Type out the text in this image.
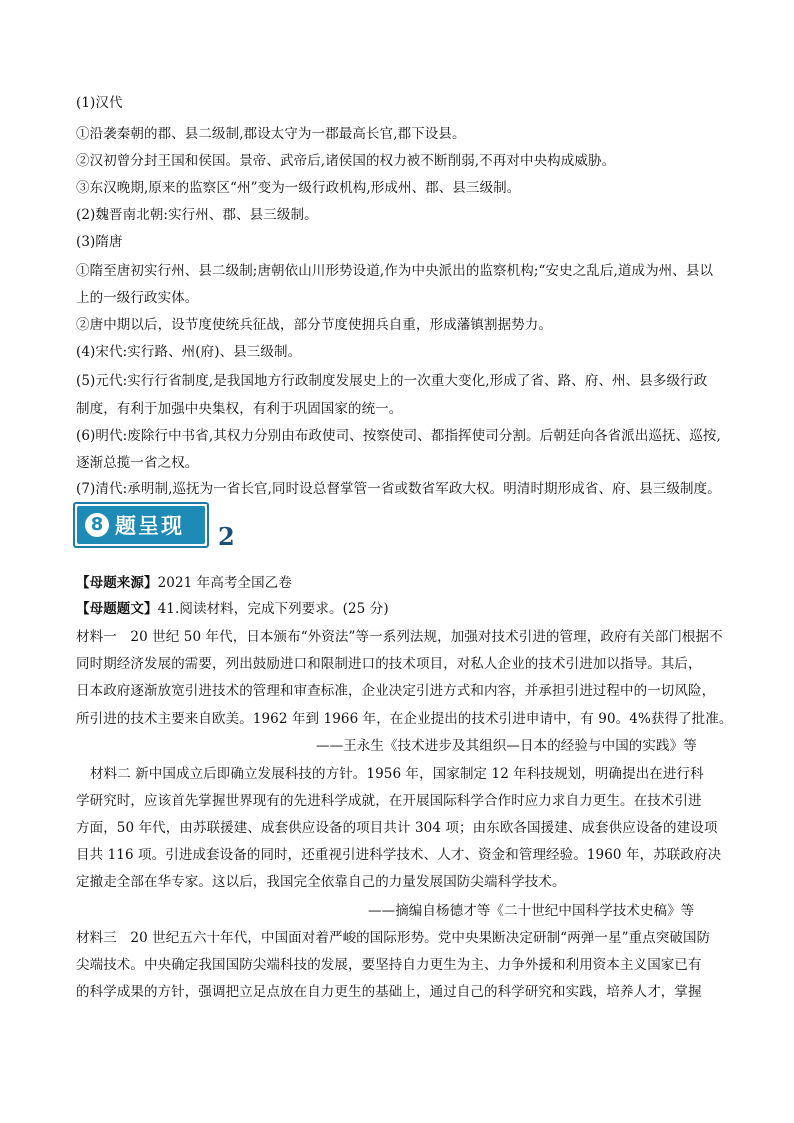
(1)汉代
①沿袭秦朝的郡、县二级制,郡设太守为一郡最高长官,郡下设县。
②汉初曾分封王国和侯国。景帝、武帝后,诸侯国的权力被不断削弱,不再对中央构成威胁。
③东汉晚期,原来的监察区“州”变为一级行政机构,形成州、郡、县三级制。
(2)魏晋南北朝:实行州、郡、县三级制。
(3)隋唐
①隋至唐初实行州、县二级制;唐朝依山川形势设道,作为中央派出的监察机构;“安史之乱后,道成为州、县以
上的一级行政实体。
②唐中期以后，设节度使统兵征战，部分节度使拥兵自重，形成藩镇割据势力。
(4)宋代:实行路、州(府)、县三级制。
(5)元代:实行行省制度,是我国地方行政制度发展史上的一次重大变化,形成了省、路、府、州、县多级行政
制度，有利于加强中央集权，有利于巩固国家的统一。
(6)明代:废除行中书省,其权力分别由布政使司、按察使司、都指挥使司分割。后朝廷向各省派出巡抚、巡按,
逐渐总揽一省之权。
(7)清代:承明制,巡抚为一省长官,同时设总督掌管一省或数省军政大权。明清时期形成省、府、县三级制度。
8 题呈现 2
【母题来源】2021 年高考全国乙卷
【母题题文】41.阅读材料，完成下列要求。(25 分)
材料一　20 世纪 50 年代，日本颁布“外资法”等一系列法规，加强对技术引进的管理，政府有关部门根据不
同时期经济发展的需要，列出鼓励进口和限制进口的技术项目，对私人企业的技术引进加以指导。其后，
日本政府逐渐放宽引进技术的管理和审查标准，企业决定引进方式和内容，并承担引进过程中的一切风险，
所引进的技术主要来自欧美。1962 年到 1966 年，在企业提出的技术引进申请中，有 90。4%获得了批准。
——王永生《技术进步及其组织—日本的经验与中国的实践》等
材料二 新中国成立后即确立发展科技的方针。1956 年，国家制定 12 年科技规划，明确提出在进行科
学研究时，应该首先掌握世界现有的先进科学成就，在开展国际科学合作时应力求自力更生。在技术引进
方面，50 年代，由苏联援建、成套供应设备的项目共计 304 项；由东欧各国援建、成套供应设备的建设项
目共 116 项。引进成套设备的同时，还重视引进科学技术、人才、资金和管理经验。1960 年，苏联政府决
定撤走全部在华专家。这以后，我国完全依靠自己的力量发展国防尖端科学技术。
——摘编自杨德才等《二十世纪中国科学技术史稿》等
材料三　20 世纪五六十年代，中国面对着严峻的国际形势。党中央果断决定研制“两弹一星”重点突破国防
尖端技术。中央确定我国国防尖端科技的发展，要坚持自力更生为主、力争外援和利用资本主义国家已有
的科学成果的方针，强调把立足点放在自力更生的基础上，通过自己的科学研究和实践，培养人才，掌握
